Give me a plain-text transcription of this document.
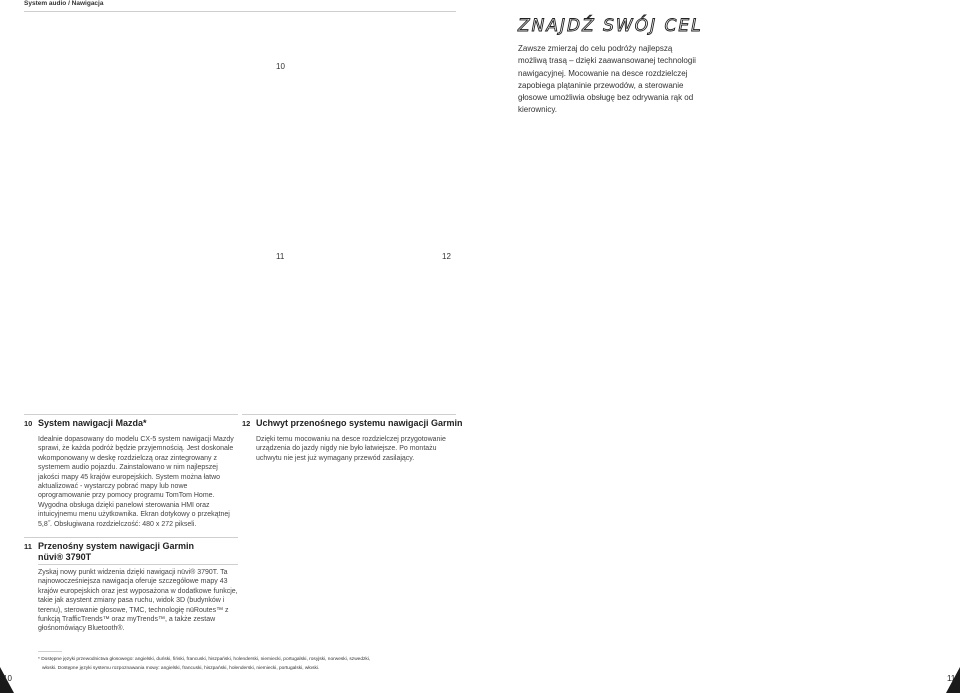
System audio / Nawigacja
10
ZNAJDŹ SWÓJ CEL
Zawsze zmierzaj do celu podróży najlepszą możliwą trasą – dzięki zaawansowanej technologii nawigacyjnej. Mocowanie na desce rozdzielczej zapobiega plątaninie przewodów, a sterowanie głosowe umożliwia obsługę bez odrywania rąk od kierownicy.
11	12
10 System nawigacji Mazda*
Idealnie dopasowany do modelu CX-5 system nawigacji Mazdy sprawi, że każda podróż będzie przyjemnością. Jest doskonale wkomponowany w deskę rozdzielczą oraz zintegrowany z systemem audio pojazdu. Zainstalowano w nim najlepszej jakości mapy 45 krajów europejskich. System można łatwo aktualizować - wystarczy pobrać mapy lub nowe oprogramowanie przy pomocy programu TomTom Home. Wygodna obsługa dzięki panelowi sterowania HMI oraz intuicyjnemu menu użytkownika. Ekran dotykowy o przekątnej 5,8˝. Obsługiwana rozdzielczość: 480 x 272 pikseli.
12 Uchwyt przenośnego systemu nawigacji Garmin
Dzięki temu mocowaniu na desce rozdzielczej przygotowanie urządzenia do jazdy nigdy nie było łatwiejsze. Po montażu uchwytu nie jest już wymagany przewód zasilający.
11 Przenośny system nawigacji Garmin
nüvi® 3790T
Zyskaj nowy punkt widzenia dzięki nawigacji nüvi® 3790T. Ta najnowocześniejsza nawigacja oferuje szczegółowe mapy 43 krajów europejskich oraz jest wyposażona w dodatkowe funkcje, takie jak asystent zmiany pasa ruchu, widok 3D (budynków i terenu), sterowanie głosowe, TMC, technologię nüRoutes™ z funkcją TrafficTrends™ oraz myTrends™, a także zestaw głośnomówiący Bluetooth®.
* Dostępne języki przewodnictwa głosowego: angielski, duński, fiński, francuski, hiszpański, holenderski, niemiecki, portugalski, rosyjski, norweski, szwedzki,
włoski. Dostępne języki systemu rozpoznawania mowy: angielski, francuski, hiszpański, holenderski, niemiecki, portugalski, włoski.
10	11
